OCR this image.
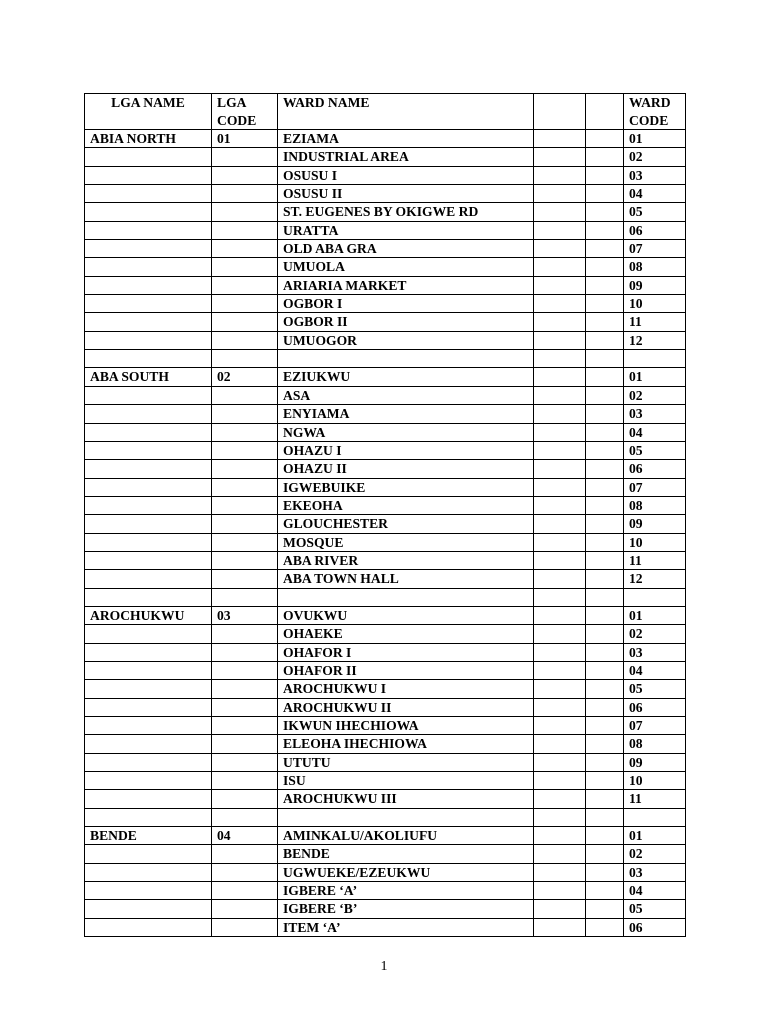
LGA NAME	LGA CODE	WARD NAME			WARD CODE
ABIA NORTH	01	EZIAMA			01
		INDUSTRIAL AREA			02
		OSUSU I			03
		OSUSU II			04
		ST. EUGENES BY OKIGWE RD			05
		URATTA			06
		OLD ABA GRA			07
		UMUOLA			08
		ARIARIA MARKET			09
		OGBOR I			10
		OGBOR II			11
		UMUOGOR			12

ABA SOUTH	02	EZIUKWU			01
		ASA			02
		ENYIAMA			03
		NGWA			04
		OHAZU I			05
		OHAZU II			06
		IGWEBUIKE			07
		EKEOHA			08
		GLOUCHESTER			09
		MOSQUE			10
		ABA RIVER			11
		ABA TOWN HALL			12

AROCHUKWU	03	OVUKWU			01
		OHAEKE			02
		OHAFOR I			03
		OHAFOR II			04
		AROCHUKWU I			05
		AROCHUKWU II			06
		IKWUN IHECHIOWA			07
		ELEOHA IHECHIOWA			08
		UTUTU			09
		ISU			10
		AROCHUKWU III			11

BENDE	04	AMINKALU/AKOLIUFU			01
		BENDE			02
		UGWUEKE/EZEUKWU			03
		IGBERE ‘A’			04
		IGBERE ‘B’			05
		ITEM ‘A’			06
1
